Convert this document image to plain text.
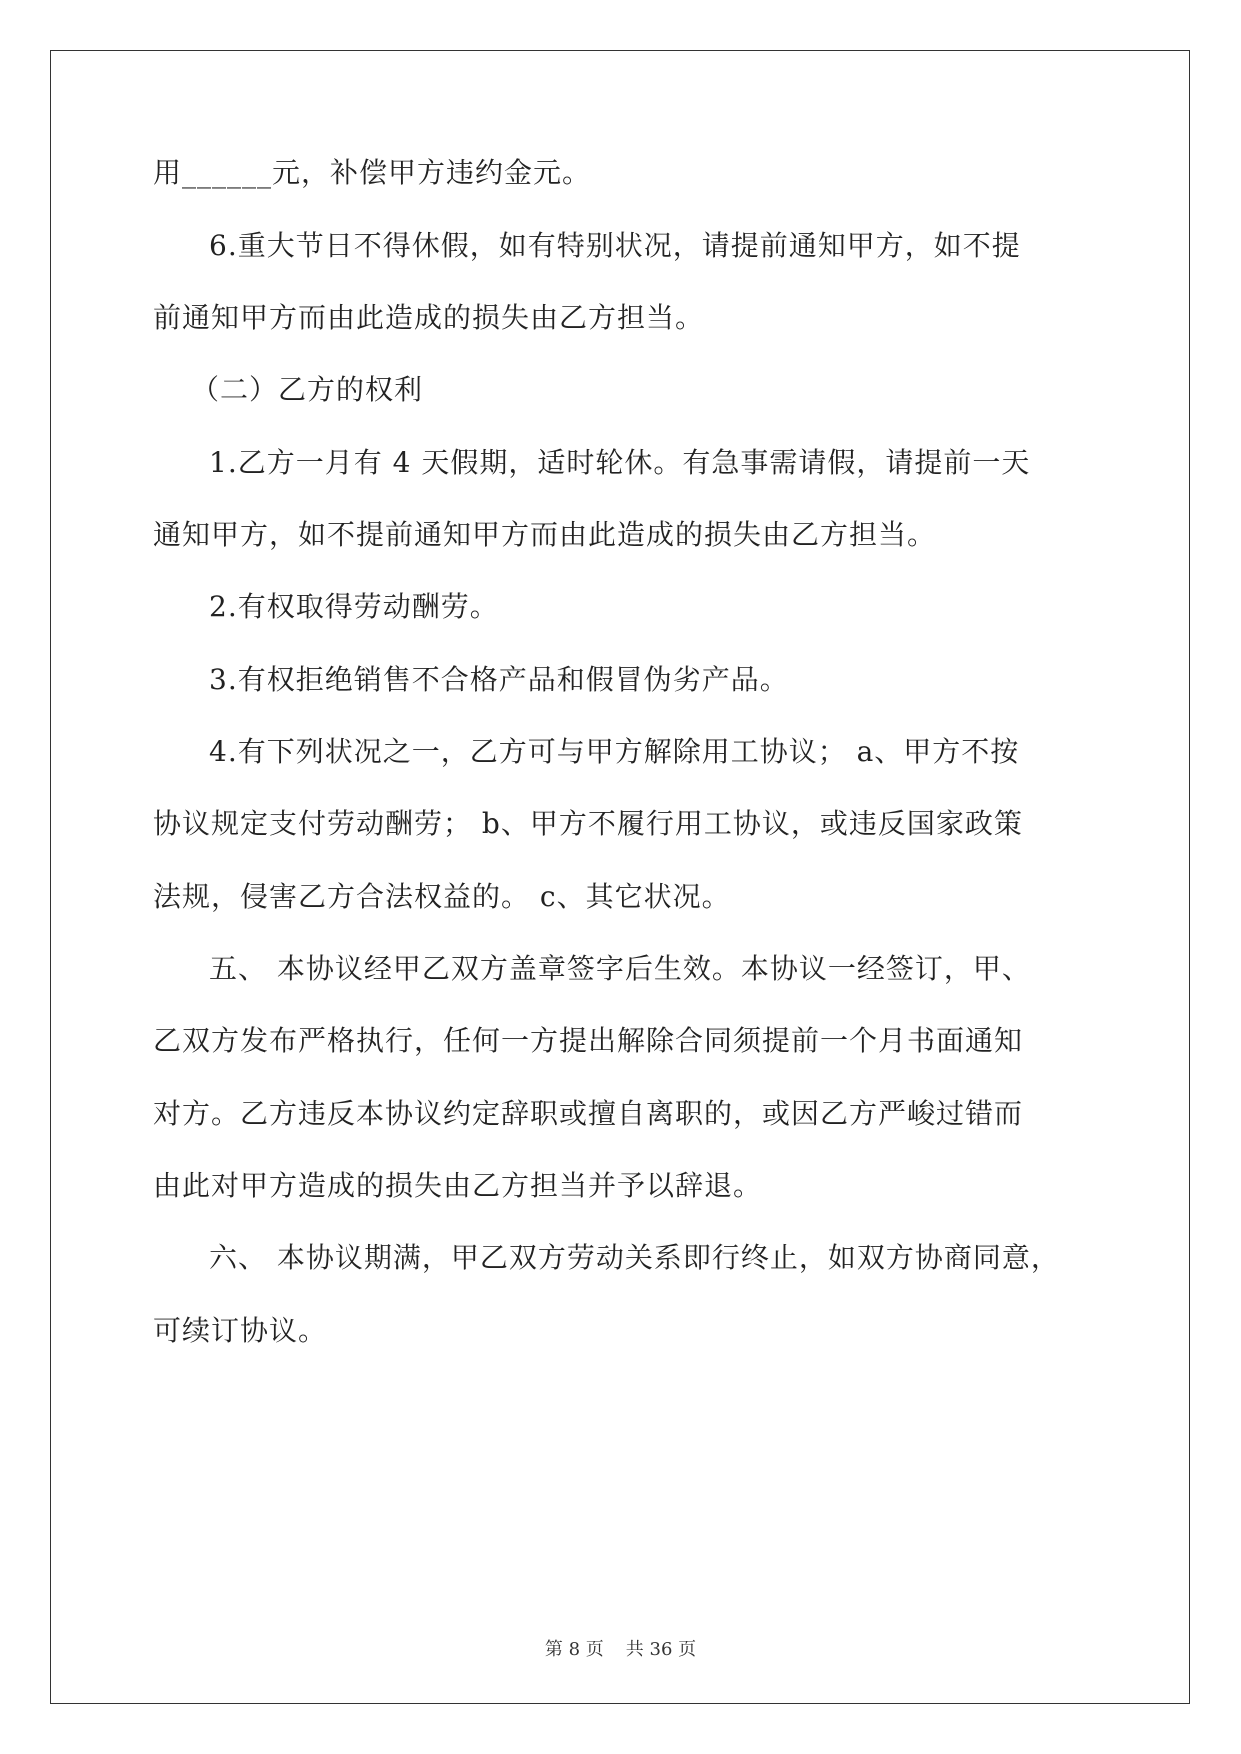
用______元，补偿甲方违约金元。
6.重大节日不得休假，如有特别状况，请提前通知甲方，如不提
前通知甲方而由此造成的损失由乙方担当。
（二）乙方的权利
1.乙方一月有 4 天假期，适时轮休。有急事需请假，请提前一天
通知甲方，如不提前通知甲方而由此造成的损失由乙方担当。
2.有权取得劳动酬劳。
3.有权拒绝销售不合格产品和假冒伪劣产品。
4.有下列状况之一，乙方可与甲方解除用工协议； a、甲方不按
协议规定支付劳动酬劳； b、甲方不履行用工协议，或违反国家政策
法规，侵害乙方合法权益的。 c、其它状况。
五、 本协议经甲乙双方盖章签字后生效。本协议一经签订，甲、
乙双方发布严格执行，任何一方提出解除合同须提前一个月书面通知
对方。乙方违反本协议约定辞职或擅自离职的，或因乙方严峻过错而
由此对甲方造成的损失由乙方担当并予以辞退。
六、 本协议期满，甲乙双方劳动关系即行终止，如双方协商同意，
可续订协议。
第 8 页 共 36 页
